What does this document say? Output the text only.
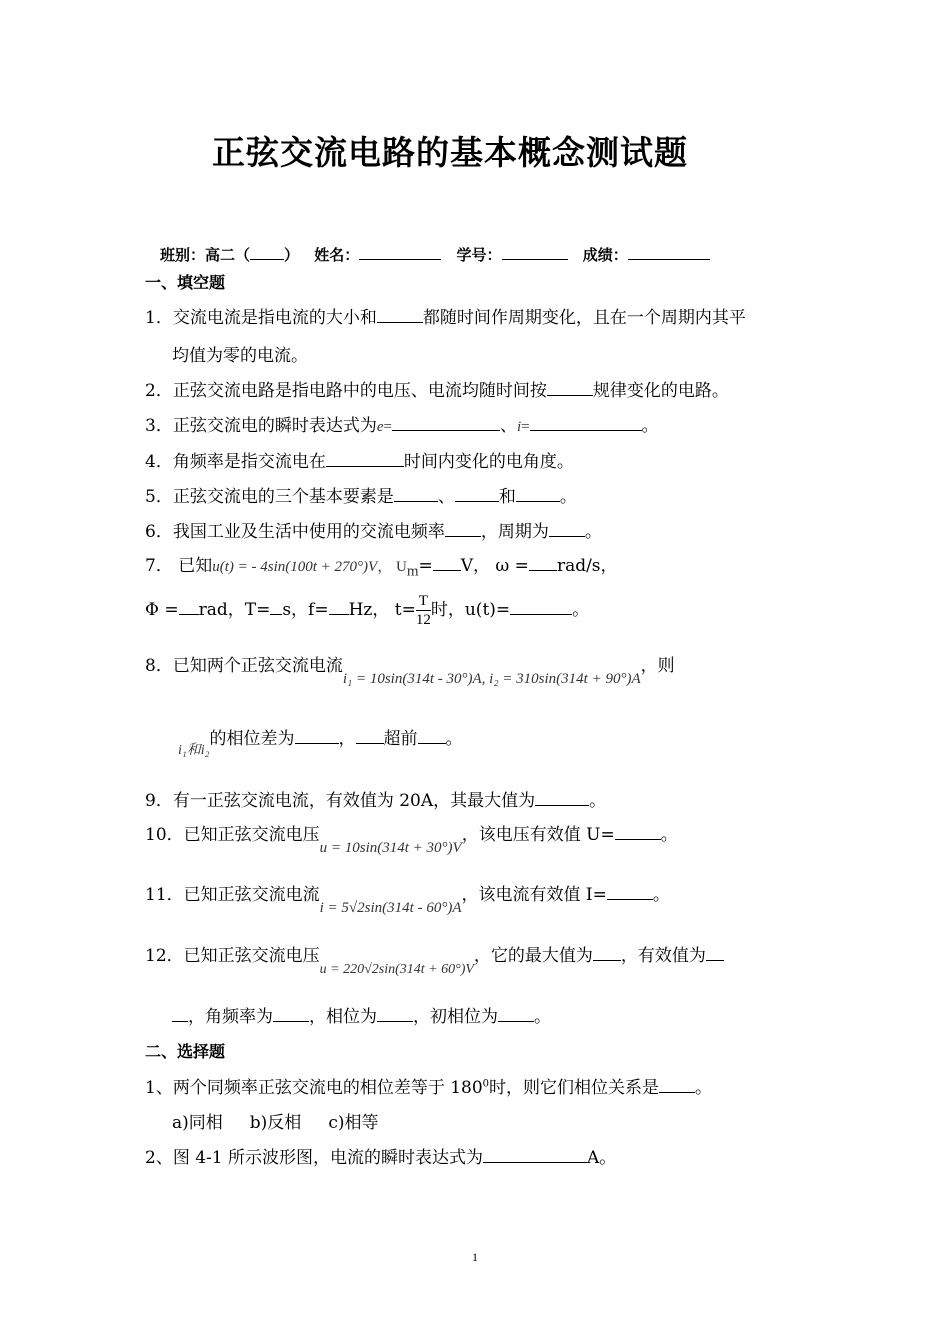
正弦交流电路的基本概念测试题
班别：高二（ ） 姓名：	学号：	成绩：
一、填空题
1．交流电流是指电流的大小和	都随时间作周期变化，且在一个周期内其平
均值为零的电流。
2．正弦交流电路是指电路中的电压、电流均随时间按	规律变化的电路。
3．正弦交流电的瞬时表达式为e=	、i=	。
4．角频率是指交流电在	时间内变化的电角度。
5．正弦交流电的三个基本要素是	、	和	。
6．我国工业及生活中使用的交流电频率 ，周期为 。
7． 已知u(t) = - 4sin(100t + 270°)V， $U_m= V$， ω = rad/s，
Φ = rad，T= s，f= Hz， $t= \frac{T}{12}$ 时，u(t)=	。
8．已知两个正弦交流电流i₁ = 10sin(314t - 30°)A, i₂ = 310sin(314t + 90°)A，则
$_{i_1和i_2}$的相位差为	， 超前 。
9．有一正弦交流电流，有效值为 20A，其最大值为	。
10．已知正弦交流电压u = 10sin(314t + 30°)V，该电压有效值 U=	。
11．已知正弦交流电流i = 5√2sin(314t - 60°)A，该电流有效值 I=	。
12．已知正弦交流电压$_{u = 220√2sin(314t + 60^\circ)V}$，它的最大值为 ，有效值为
，角频率为 ，相位为 ，初相位为 。
二、选择题
1、两个同频率正弦交流电的相位差等于 $180^0$时，则它们相位关系是 。
a)同相     b)反相     c)相等
2、图 4-1 所示波形图，电流的瞬时表达式为	A。
1
